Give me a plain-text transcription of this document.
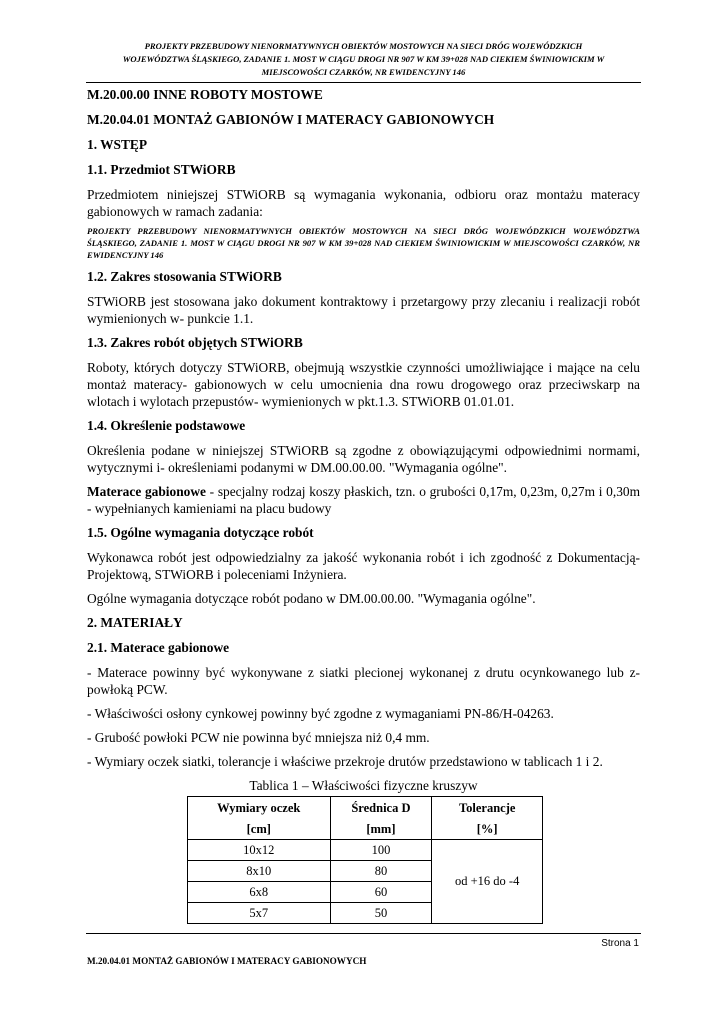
PROJEKTY PRZEBUDOWY NIENORMATYWNYCH OBIEKTÓW MOSTOWYCH NA SIECI DRÓG WOJEWÓDZKICH
WOJEWÓDZTWA ŚLĄSKIEGO, ZADANIE 1. MOST W CIĄGU DROGI NR 907 W KM 39+028 NAD CIEKIEM ŚWINIOWICKIM W
MIEJSCOWOŚCI CZARKÓW, NR EWIDENCYJNY 146
M.20.00.00 INNE ROBOTY MOSTOWE
M.20.04.01 MONTAŻ GABIONÓW I MATERACY GABIONOWYCH
1. WSTĘP
1.1. Przedmiot STWiORB

Przedmiotem niniejszej STWiORB są wymagania wykonania, odbioru oraz montażu materacy gabionowych w ramach zadania:

PROJEKTY PRZEBUDOWY NIENORMATYWNYCH OBIEKTÓW MOSTOWYCH NA SIECI DRÓG WOJEWÓDZKICH WOJEWÓDZTWA ŚLĄSKIEGO, ZADANIE 1. MOST W CIĄGU DROGI NR 907 W KM 39+028 NAD CIEKIEM ŚWINIOWICKIM W MIEJSCOWOŚCI CZARKÓW, NR EWIDENCYJNY 146
1.2. Zakres stosowania STWiORB

STWiORB jest stosowana jako dokument kontraktowy i przetargowy przy zlecaniu i realizacji robót wymienionych w- punkcie 1.1.

1.3. Zakres robót objętych STWiORB

Roboty, których dotyczy STWiORB, obejmują wszystkie czynności umożliwiające i mające na celu montaż materacy- gabionowych w celu umocnienia dna rowu drogowego oraz przeciwskarp na wlotach i wylotach przepustów- wymienionych w pkt.1.3. STWiORB 01.01.01.

1.4. Określenie podstawowe

Określenia podane w niniejszej STWiORB są zgodne z obowiązującymi odpowiednimi normami, wytycznymi i- określeniami podanymi w DM.00.00.00. "Wymagania ogólne".

Materace gabionowe - specjalny rodzaj koszy płaskich, tzn. o grubości 0,17m, 0,23m, 0,27m i 0,30m - wypełnianych kamieniami na placu budowy

1.5. Ogólne wymagania dotyczące robót

Wykonawca robót jest odpowiedzialny za jakość wykonania robót i ich zgodność z Dokumentacją-Projektową, STWiORB i poleceniami Inżyniera.

Ogólne wymagania dotyczące robót podano w DM.00.00.00. "Wymagania ogólne".

2. MATERIAŁY
2.1. Materace gabionowe

- Materace powinny być wykonywane z siatki plecionej wykonanej z drutu ocynkowanego lub z-powłoką PCW.

- Właściwości osłony cynkowej powinny być zgodne z wymaganiami PN-86/H-04263.

- Grubość powłoki PCW nie powinna być mniejsza niż 0,4 mm.

- Wymiary oczek siatki, tolerancje i właściwe przekroje drutów przedstawiono w tablicach 1 i 2.

Tablica 1 – Właściwości fizyczne kruszyw
Wymiary oczek	Średnica D	Tolerancje
[cm]	[mm]	[%]
10x12	100	od +16 do -4
8x10	80	
6x8	60	
5x7	50	
Strona 1
M.20.04.01 MONTAŻ GABIONÓW I MATERACY GABIONOWYCH
